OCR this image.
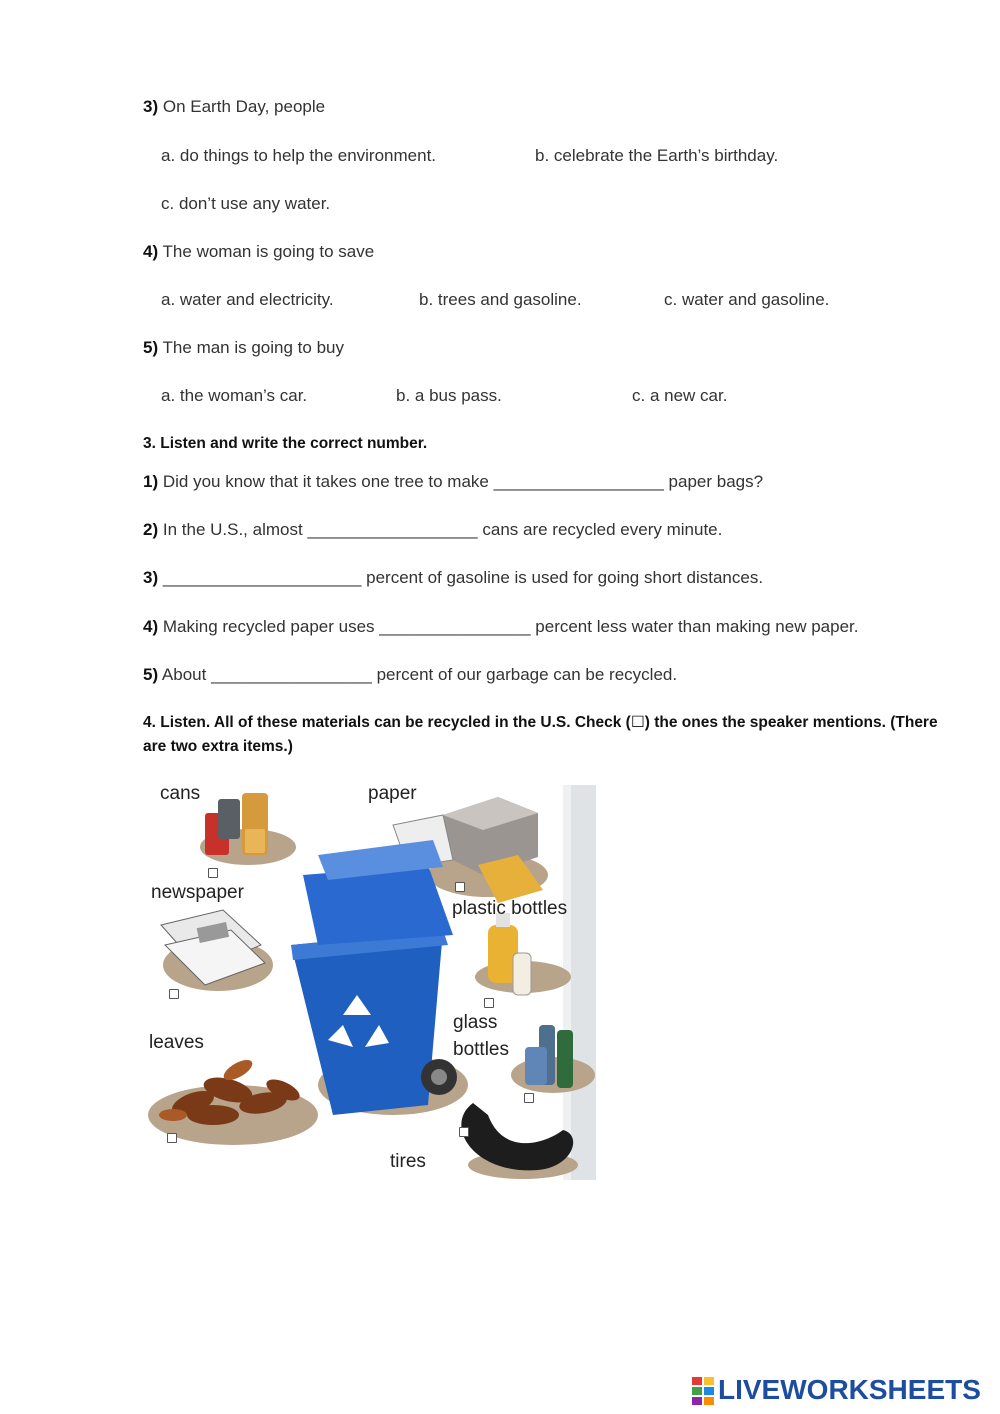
3) On Earth Day, people
a. do things to help the environment.	b. celebrate the Earth’s birthday.
c. don’t use any water.
4) The woman is going to save
a. water and electricity.	b. trees and gasoline.	c. water and gasoline.
5) The man is going to buy
a. the woman’s car.	b. a bus pass.	c. a new car.
3. Listen and write the correct number.
1) Did you know that it takes one tree to make __________________ paper bags?
2) In the U.S., almost __________________ cans are recycled every minute.
3) _____________________ percent of gasoline is used for going short distances.
4) Making recycled paper uses ________________ percent less water than making new paper.
5) About _________________ percent of our garbage can be recycled.
4. Listen. All of these materials can be recycled in the U.S. Check (☐) the ones the speaker mentions. (There
are two extra items.)
cans	paper
newspaper
plastic bottles
glass
bottles
leaves
tires
LIVEWORKSHEETS
